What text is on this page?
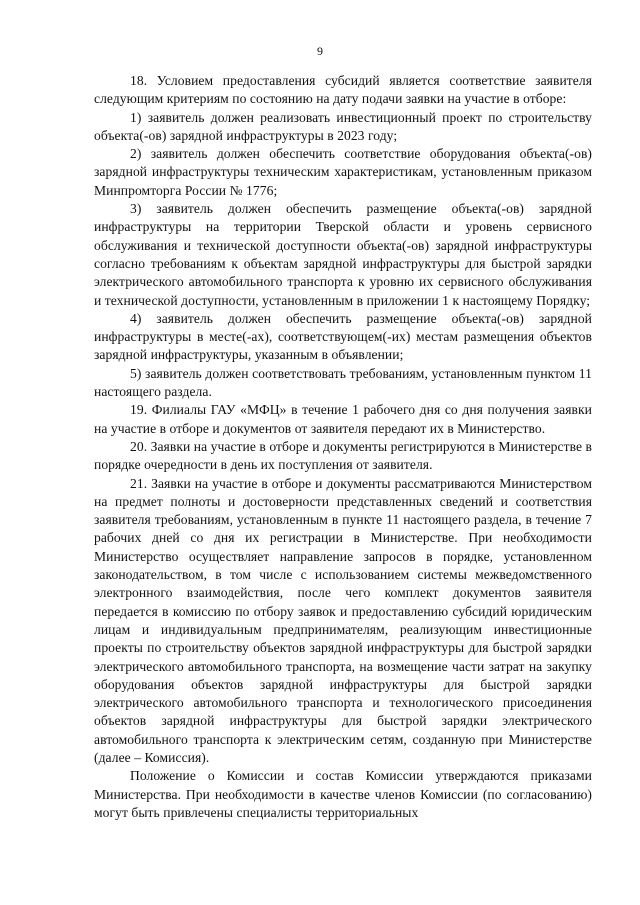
9

18. Условием предоставления субсидий является соответствие заявителя следующим критериям по состоянию на дату подачи заявки на участие в отборе:

1) заявитель должен реализовать инвестиционный проект по строительству объекта(-ов) зарядной инфраструктуры в 2023 году;

2) заявитель должен обеспечить соответствие оборудования объекта(-ов) зарядной инфраструктуры техническим характеристикам, установленным приказом Минпромторга России № 1776;

3) заявитель должен обеспечить размещение объекта(-ов) зарядной инфраструктуры на территории Тверской области и уровень сервисного обслуживания и технической доступности объекта(-ов) зарядной инфраструктуры согласно требованиям к объектам зарядной инфраструктуры для быстрой зарядки электрического автомобильного транспорта к уровню их сервисного обслуживания и технической доступности, установленным в приложении 1 к настоящему Порядку;

4) заявитель должен обеспечить размещение объекта(-ов) зарядной инфраструктуры в месте(-ах), соответствующем(-их) местам размещения объектов зарядной инфраструктуры, указанным в объявлении;

5) заявитель должен соответствовать требованиям, установленным пунктом 11 настоящего раздела.

19. Филиалы ГАУ «МФЦ» в течение 1 рабочего дня со дня получения заявки на участие в отборе и документов от заявителя передают их в Министерство.

20. Заявки на участие в отборе и документы регистрируются в Министерстве в порядке очередности в день их поступления от заявителя.

21. Заявки на участие в отборе и документы рассматриваются Министерством на предмет полноты и достоверности представленных сведений и соответствия заявителя требованиям, установленным в пункте 11 настоящего раздела, в течение 7 рабочих дней со дня их регистрации в Министерстве. При необходимости Министерство осуществляет направление запросов в порядке, установленном законодательством, в том числе с использованием системы межведомственного электронного взаимодействия, после чего комплект документов заявителя передается в комиссию по отбору заявок и предоставлению субсидий юридическим лицам и индивидуальным предпринимателям, реализующим инвестиционные проекты по строительству объектов зарядной инфраструктуры для быстрой зарядки электрического автомобильного транспорта, на возмещение части затрат на закупку оборудования объектов зарядной инфраструктуры для быстрой зарядки электрического автомобильного транспорта и технологического присоединения объектов зарядной инфраструктуры для быстрой зарядки электрического автомобильного транспорта к электрическим сетям, созданную при Министерстве (далее – Комиссия).

Положение о Комиссии и состав Комиссии утверждаются приказами Министерства. При необходимости в качестве членов Комиссии (по согласованию) могут быть привлечены специалисты территориальных
